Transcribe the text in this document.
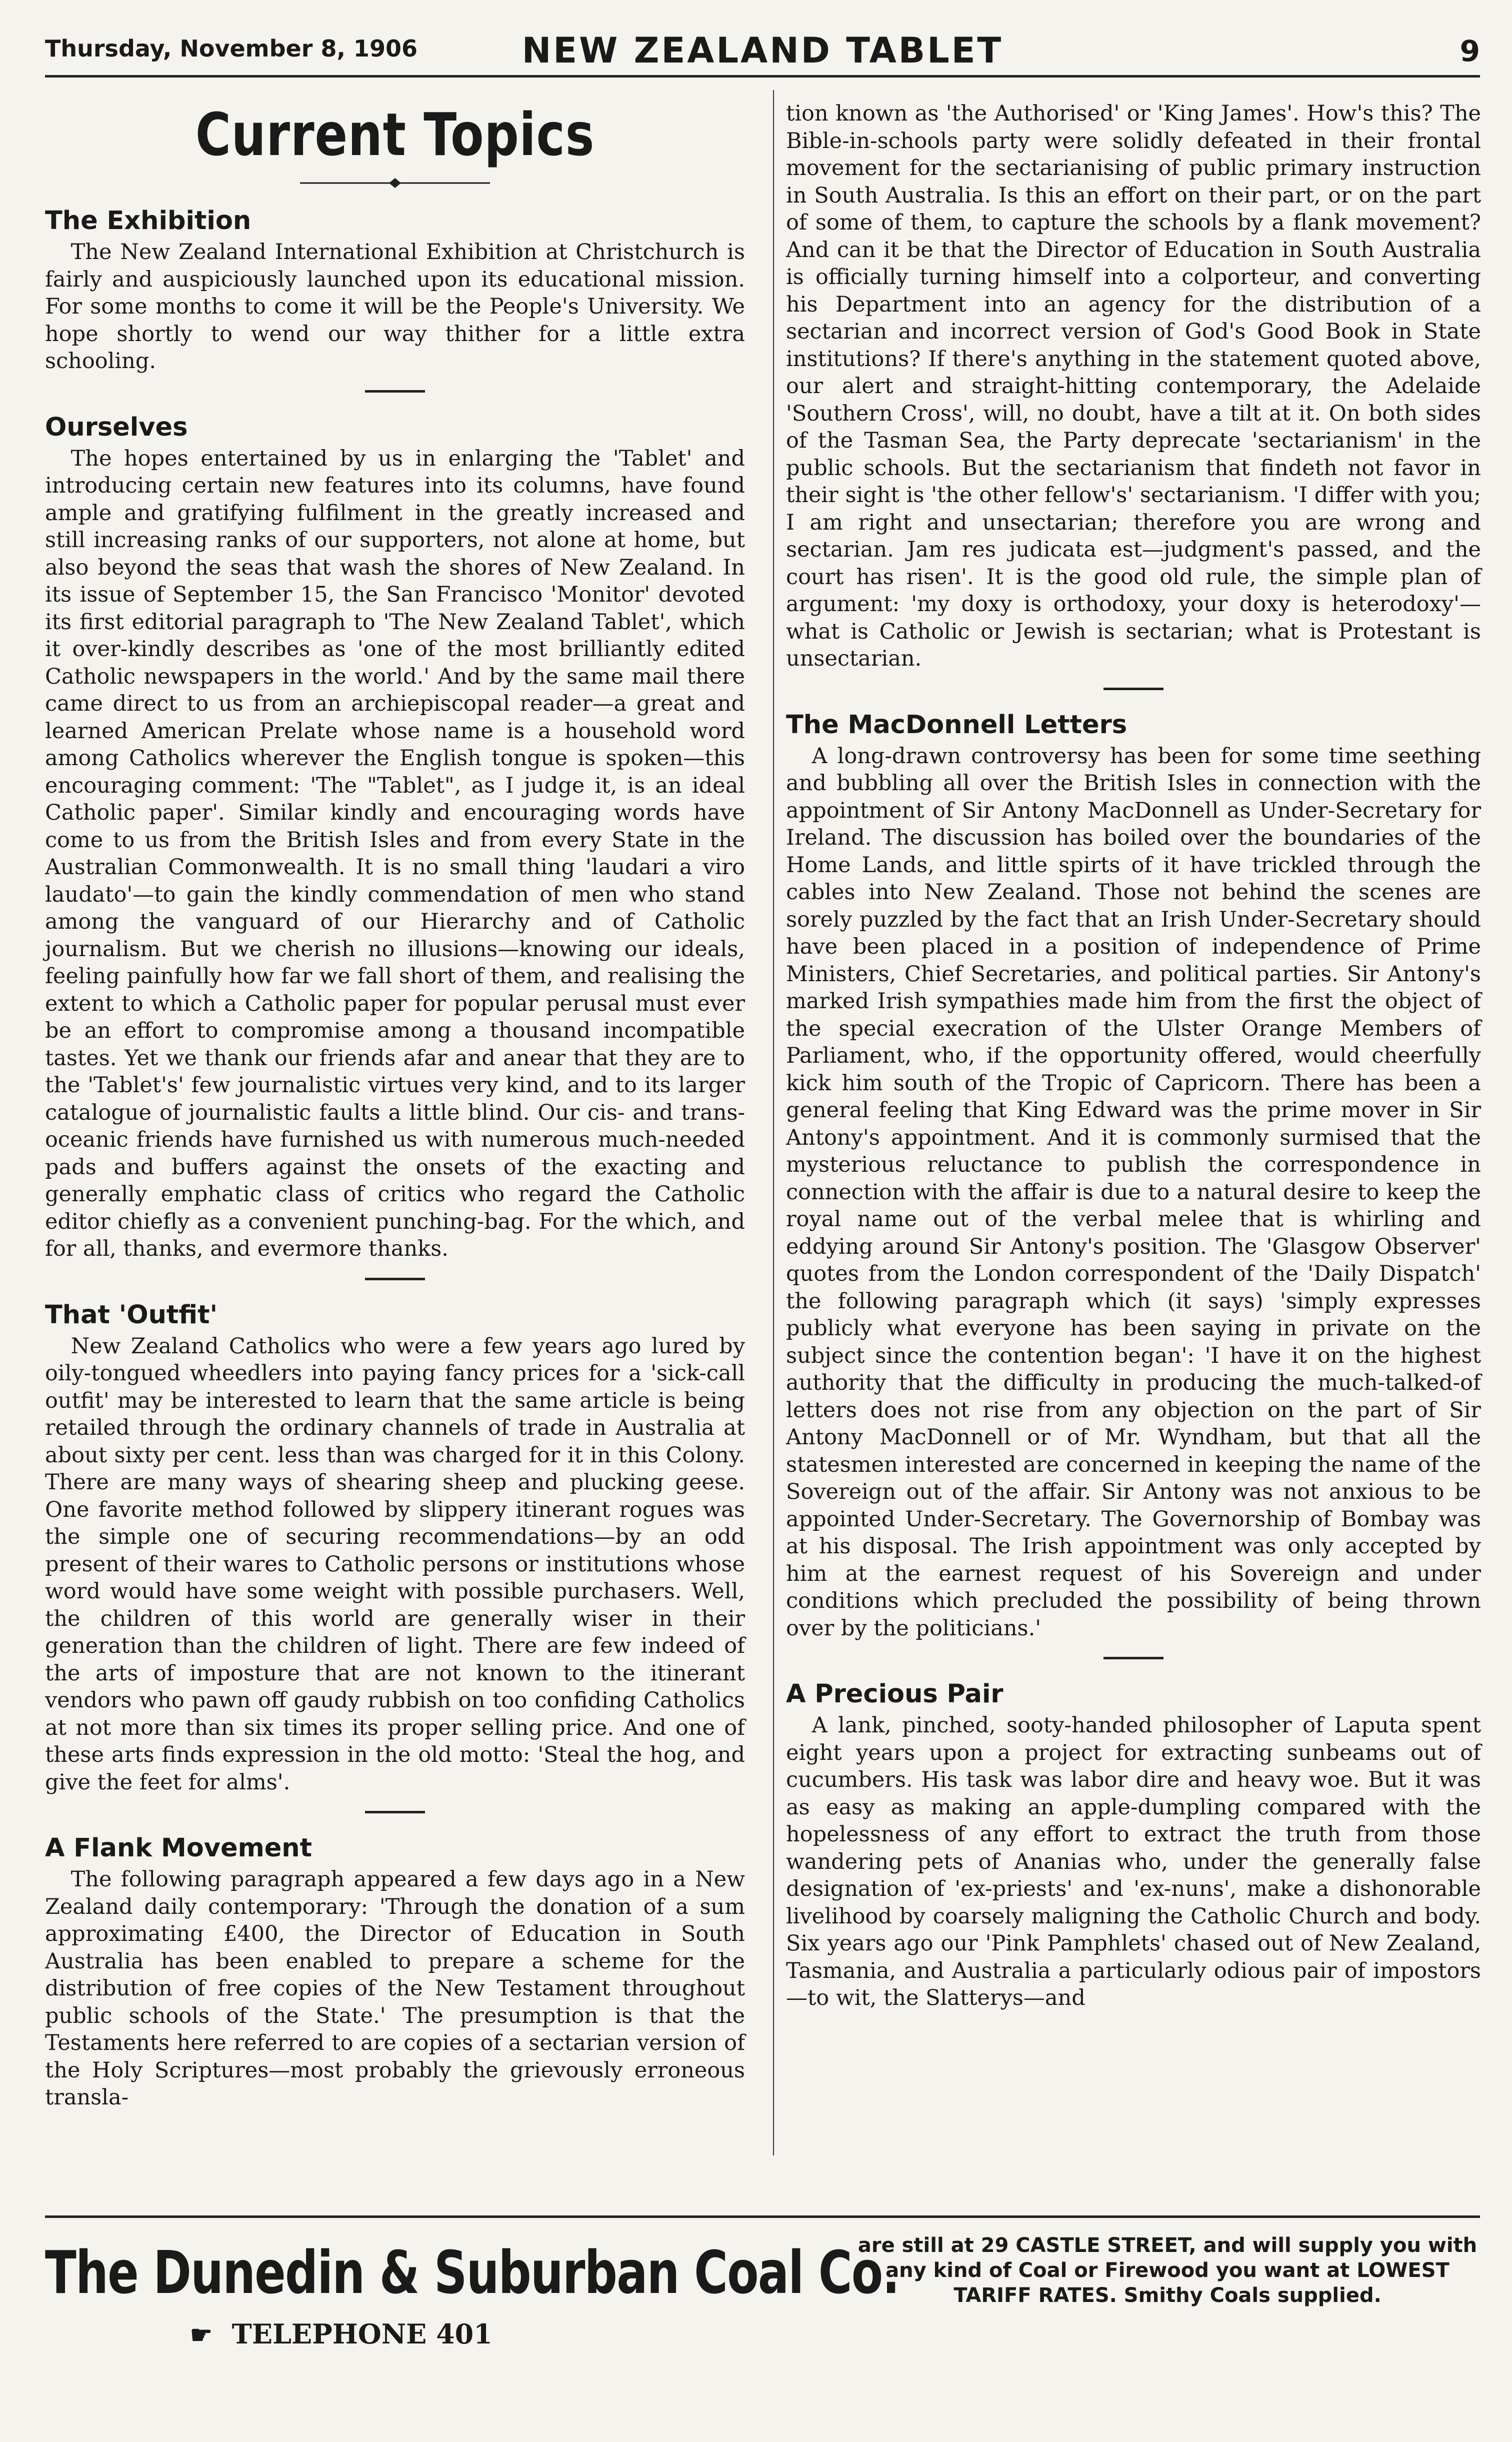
Thursday, November 8, 1906	NEW ZEALAND TABLET	9
Current Topics
The Exhibition

The New Zealand International Exhibition at Christchurch is fairly and auspiciously launched upon its educational mission. For some months to come it will be the People's University. We hope shortly to wend our way thither for a little extra schooling.

Ourselves

The hopes entertained by us in enlarging the 'Tablet' and introducing certain new features into its columns, have found ample and gratifying fulfilment in the greatly increased and still increasing ranks of our supporters, not alone at home, but also beyond the seas that wash the shores of New Zealand. In its issue of September 15, the San Francisco 'Monitor' devoted its first editorial paragraph to 'The New Zealand Tablet', which it over-kindly describes as 'one of the most brilliantly edited Catholic newspapers in the world.' And by the same mail there came direct to us from an archiepiscopal reader—a great and learned American Prelate whose name is a household word among Catholics wherever the English tongue is spoken—this encouraging comment: 'The "Tablet", as I judge it, is an ideal Catholic paper'. Similar kindly and encouraging words have come to us from the British Isles and from every State in the Australian Commonwealth. It is no small thing 'laudari a viro laudato'—to gain the kindly commendation of men who stand among the vanguard of our Hierarchy and of Catholic journalism. But we cherish no illusions—knowing our ideals, feeling painfully how far we fall short of them, and realising the extent to which a Catholic paper for popular perusal must ever be an effort to compromise among a thousand incompatible tastes. Yet we thank our friends afar and anear that they are to the 'Tablet's' few journalistic virtues very kind, and to its larger catalogue of journalistic faults a little blind. Our cis- and trans-oceanic friends have furnished us with numerous much-needed pads and buffers against the onsets of the exacting and generally emphatic class of critics who regard the Catholic editor chiefly as a convenient punching-bag. For the which, and for all, thanks, and evermore thanks.

That 'Outfit'

New Zealand Catholics who were a few years ago lured by oily-tongued wheedlers into paying fancy prices for a 'sick-call outfit' may be interested to learn that the same article is being retailed through the ordinary channels of trade in Australia at about sixty per cent. less than was charged for it in this Colony. There are many ways of shearing sheep and plucking geese. One favorite method followed by slippery itinerant rogues was the simple one of securing recommendations—by an odd present of their wares to Catholic persons or institutions whose word would have some weight with possible purchasers. Well, the children of this world are generally wiser in their generation than the children of light. There are few indeed of the arts of imposture that are not known to the itinerant vendors who pawn off gaudy rubbish on too confiding Catholics at not more than six times its proper selling price. And one of these arts finds expression in the old motto: 'Steal the hog, and give the feet for alms'.

A Flank Movement

The following paragraph appeared a few days ago in a New Zealand daily contemporary: 'Through the donation of a sum approximating £400, the Director of Education in South Australia has been enabled to prepare a scheme for the distribution of free copies of the New Testament throughout public schools of the State.' The presumption is that the Testaments here referred to are copies of a sectarian version of the Holy Scriptures—most probably the grievously erroneous transla-

tion known as 'the Authorised' or 'King James'. How's this? The Bible-in-schools party were solidly defeated in their frontal movement for the sectarianising of public primary instruction in South Australia. Is this an effort on their part, or on the part of some of them, to capture the schools by a flank movement? And can it be that the Director of Education in South Australia is officially turning himself into a colporteur, and converting his Department into an agency for the distribution of a sectarian and incorrect version of God's Good Book in State institutions? If there's anything in the statement quoted above, our alert and straight-hitting contemporary, the Adelaide 'Southern Cross', will, no doubt, have a tilt at it. On both sides of the Tasman Sea, the Party deprecate 'sectarianism' in the public schools. But the sectarianism that findeth not favor in their sight is 'the other fellow's' sectarianism. 'I differ with you; I am right and unsectarian; therefore you are wrong and sectarian. Jam res judicata est—judgment's passed, and the court has risen'. It is the good old rule, the simple plan of argument: 'my doxy is orthodoxy, your doxy is heterodoxy'—what is Catholic or Jewish is sectarian; what is Protestant is unsectarian.

The MacDonnell Letters

A long-drawn controversy has been for some time seething and bubbling all over the British Isles in connection with the appointment of Sir Antony MacDonnell as Under-Secretary for Ireland. The discussion has boiled over the boundaries of the Home Lands, and little spirts of it have trickled through the cables into New Zealand. Those not behind the scenes are sorely puzzled by the fact that an Irish Under-Secretary should have been placed in a position of independence of Prime Ministers, Chief Secretaries, and political parties. Sir Antony's marked Irish sympathies made him from the first the object of the special execration of the Ulster Orange Members of Parliament, who, if the opportunity offered, would cheerfully kick him south of the Tropic of Capricorn. There has been a general feeling that King Edward was the prime mover in Sir Antony's appointment. And it is commonly surmised that the mysterious reluctance to publish the correspondence in connection with the affair is due to a natural desire to keep the royal name out of the verbal melee that is whirling and eddying around Sir Antony's position. The 'Glasgow Observer' quotes from the London correspondent of the 'Daily Dispatch' the following paragraph which (it says) 'simply expresses publicly what everyone has been saying in private on the subject since the contention began': 'I have it on the highest authority that the difficulty in producing the much-talked-of letters does not rise from any objection on the part of Sir Antony MacDonnell or of Mr. Wyndham, but that all the statesmen interested are concerned in keeping the name of the Sovereign out of the affair. Sir Antony was not anxious to be appointed Under-Secretary. The Governorship of Bombay was at his disposal. The Irish appointment was only accepted by him at the earnest request of his Sovereign and under conditions which precluded the possibility of being thrown over by the politicians.'

A Precious Pair

A lank, pinched, sooty-handed philosopher of Laputa spent eight years upon a project for extracting sunbeams out of cucumbers. His task was labor dire and heavy woe. But it was as easy as making an apple-dumpling compared with the hopelessness of any effort to extract the truth from those wandering pets of Ananias who, under the generally false designation of 'ex-priests' and 'ex-nuns', make a dishonorable livelihood by coarsely maligning the Catholic Church and body. Six years ago our 'Pink Pamphlets' chased out of New Zealand, Tasmania, and Australia a particularly odious pair of impostors—to wit, the Slatterys—and

The Dunedin & Suburban Coal Co.
☛ TELEPHONE 401
are still at 29 CASTLE STREET, and will supply you with any kind of Coal or Firewood you want at LOWEST TARIFF RATES. Smithy Coals supplied.
